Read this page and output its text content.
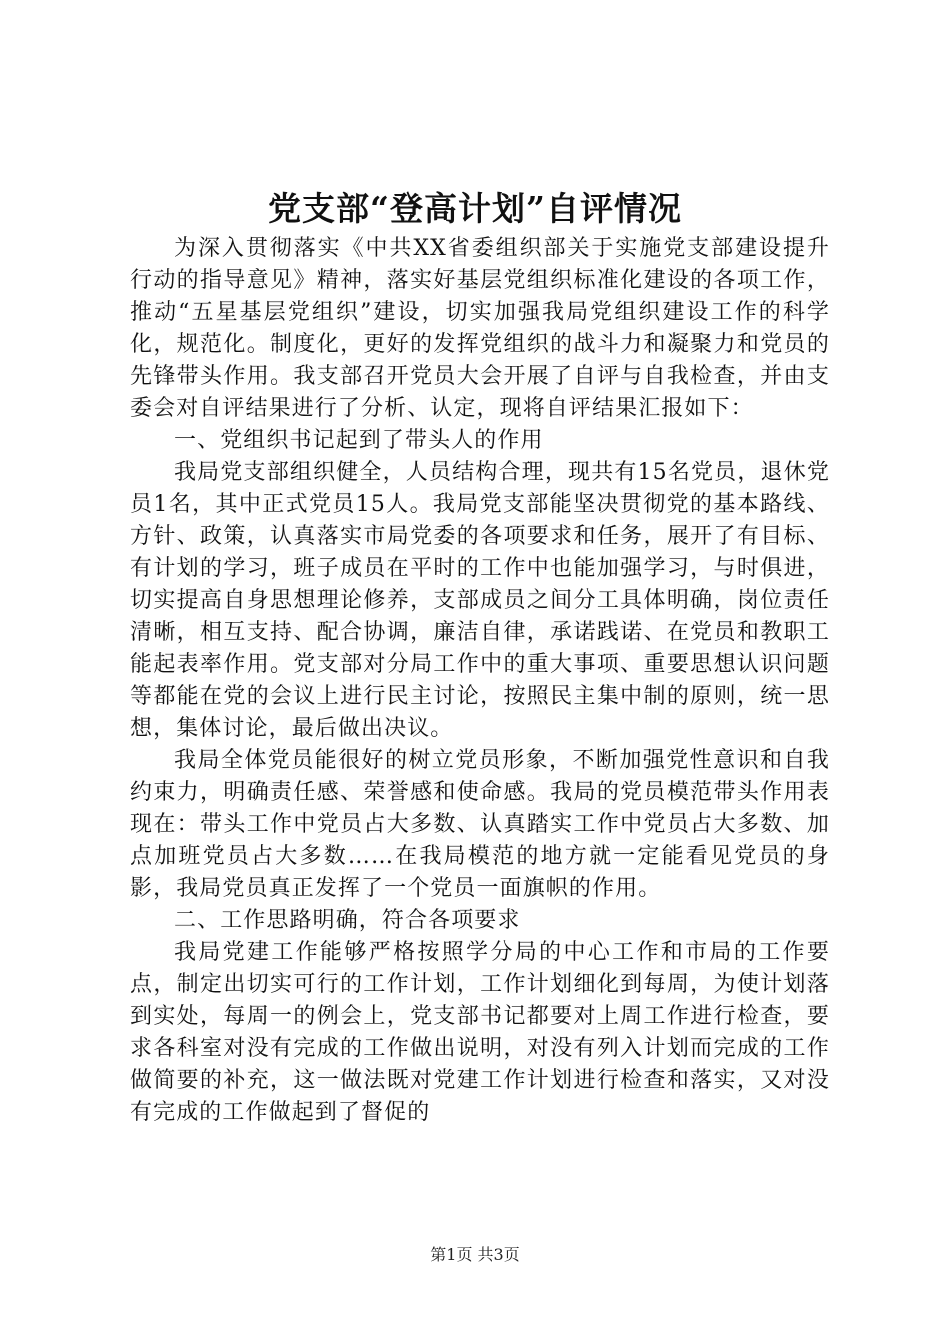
党支部“登高计划”自评情况

为深入贯彻落实《中共XX省委组织部关于实施党支部建设提升行动的指导意见》精神，落实好基层党组织标准化建设的各项工作，推动“五星基层党组织”建设，切实加强我局党组织建设工作的科学化，规范化。制度化，更好的发挥党组织的战斗力和凝聚力和党员的先锋带头作用。我支部召开党员大会开展了自评与自我检查，并由支委会对自评结果进行了分析、认定，现将自评结果汇报如下：

一、党组织书记起到了带头人的作用

我局党支部组织健全，人员结构合理，现共有15名党员，退休党员1名，其中正式党员15人。我局党支部能坚决贯彻党的基本路线、方针、政策，认真落实市局党委的各项要求和任务，展开了有目标、有计划的学习，班子成员在平时的工作中也能加强学习，与时俱进，切实提高自身思想理论修养，支部成员之间分工具体明确，岗位责任清晰，相互支持、配合协调，廉洁自律，承诺践诺、在党员和教职工能起表率作用。党支部对分局工作中的重大事项、重要思想认识问题等都能在党的会议上进行民主讨论，按照民主集中制的原则，统一思想，集体讨论，最后做出决议。

我局全体党员能很好的树立党员形象，不断加强党性意识和自我约束力，明确责任感、荣誉感和使命感。我局的党员模范带头作用表现在：带头工作中党员占大多数、认真踏实工作中党员占大多数、加点加班党员占大多数……在我局模范的地方就一定能看见党员的身影，我局党员真正发挥了一个党员一面旗帜的作用。

二、工作思路明确，符合各项要求

我局党建工作能够严格按照学分局的中心工作和市局的工作要点，制定出切实可行的工作计划，工作计划细化到每周，为使计划落到实处，每周一的例会上，党支部书记都要对上周工作进行检查，要求各科室对没有完成的工作做出说明，对没有列入计划而完成的工作做简要的补充，这一做法既对党建工作计划进行检查和落实，又对没有完成的工作做起到了督促的

第1页 共3页
